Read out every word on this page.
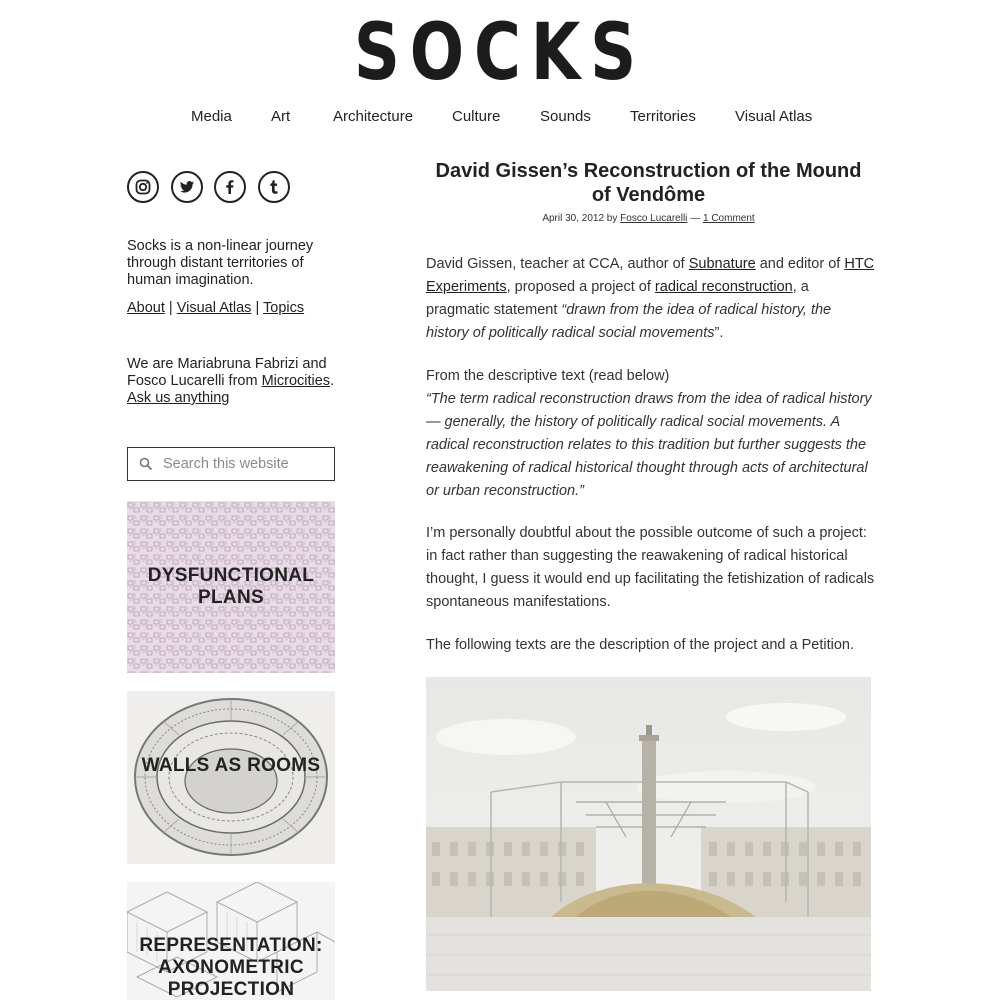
SOCKS
Media	Art	Architecture	Culture	Sounds	Territories	Visual Atlas
Socks is a non-linear journey through distant territories of human imagination.
About | Visual Atlas | Topics
We are Mariabruna Fabrizi and Fosco Lucarelli from Microcities.
Ask us anything
Search this website
DYSFUNCTIONAL PLANS
WALLS AS ROOMS
REPRESENTATION: AXONOMETRIC PROJECTION
David Gissen’s Reconstruction of the Mound of Vendôme
April 30, 2012 by Fosco Lucarelli — 1 Comment

David Gissen, teacher at CCA, author of Subnature and editor of HTC Experiments, proposed a project of radical reconstruction, a pragmatic statement “drawn from the idea of radical history, the history of politically radical social movements”.

From the descriptive text (read below)
“The term radical reconstruction draws from the idea of radical history — generally, the history of politically radical social movements. A radical reconstruction relates to this tradition but further suggests the reawakening of radical historical thought through acts of architectural or urban reconstruction.”

I’m personally doubtful about the possible outcome of such a project: in fact rather than suggesting the reawakening of radical historical thought, I guess it would end up facilitating the fetishization of radicals spontaneous manifestations.

The following texts are the description of the project and a Petition.
